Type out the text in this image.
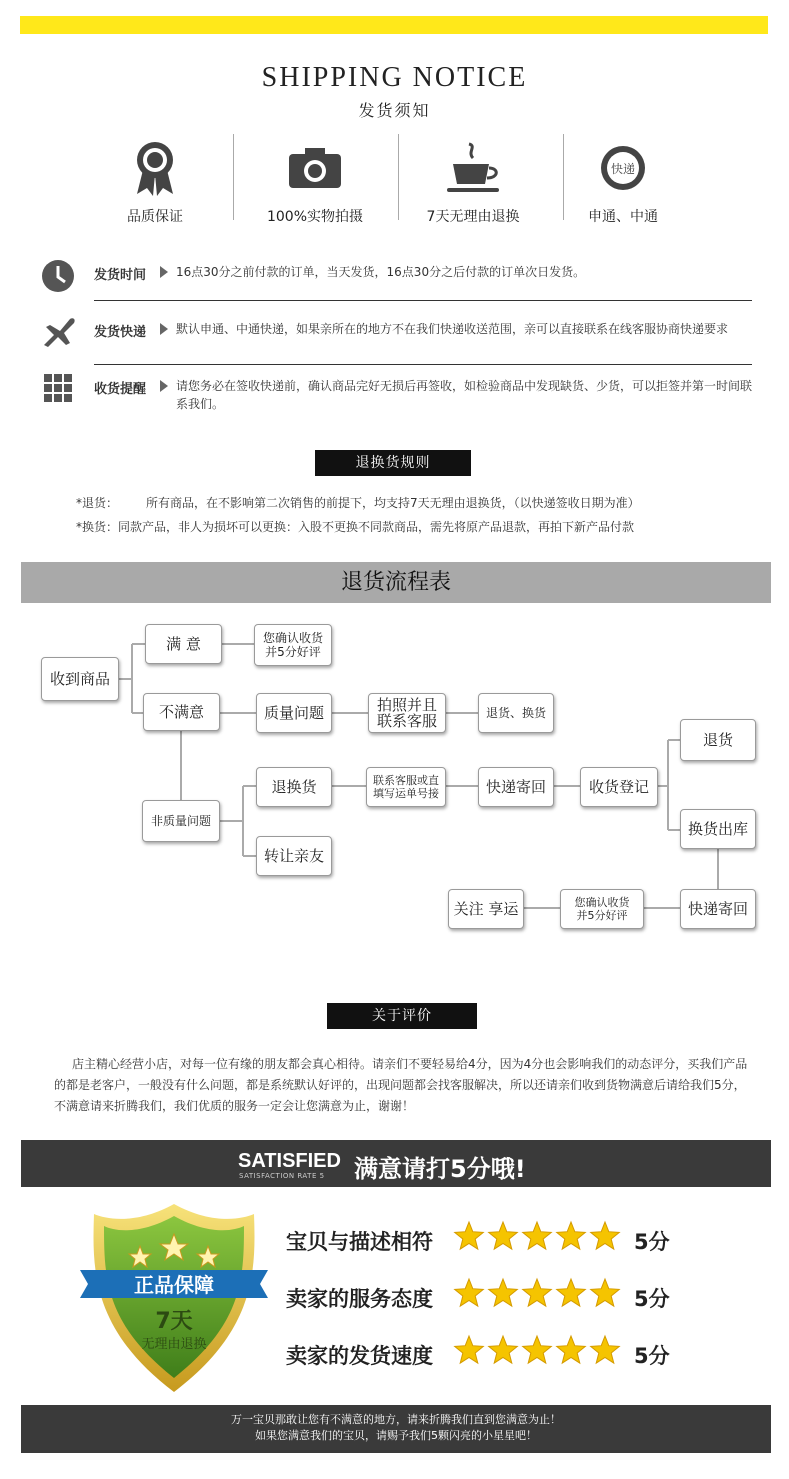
SHIPPING NOTICE
发货须知
品质保证	100%实物拍摄	7天无理由退换
快递
申通、中通
发货时间 16点30分之前付款的订单，当天发货，16点30分之后付款的订单次日发货。
发货快递 默认申通、中通快递，如果亲所在的地方不在我们快递收送范围，亲可以直接联系在线客服协商快递要求
收货提醒 请您务必在签收快递前，确认商品完好无损后再签收，如检验商品中发现缺货、少货，可以拒签并第一时间联系我们。
退换货规则
*退货： 所有商品，在不影响第二次销售的前提下，均支持7天无理由退换货，（以快递签收日期为准）
*换货：同款产品，非人为损坏可以更换：入股不更换不同款商品，需先将原产品退款，再拍下新产品付款
退货流程表
收到商品
满 意	您确认收货
并5分好评
不满意	质量问题	拍照并且
联系客服	退货、换货
非质量问题
退换货	联系客服或直
填写运单号接	快递寄回	收货登记
退货
换货出库
转让亲友
关注 享运	您确认收货
并5分好评	快递寄回
关于评价
店主精心经营小店，对每一位有缘的朋友都会真心相待。请亲们不要轻易给4分，因为4分也会影响我们的动态评分，买我们产品的都是老客户，一般没有什么问题，都是系统默认好评的，出现问题都会找客服解决，所以还请亲们收到货物满意后请给我们5分，不满意请来折腾我们，我们优质的服务一定会让您满意为止，谢谢！
SATISFIED
SATISFACTION RATE 5 满意请打5分哦!
正品保障
7天
无理由退换
宝贝与描述相符	5分
卖家的服务态度	5分
卖家的发货速度	5分
万一宝贝那敢让您有不满意的地方，请来折腾我们直到您满意为止！
如果您满意我们的宝贝，请赐予我们5颗闪亮的小星星吧！
